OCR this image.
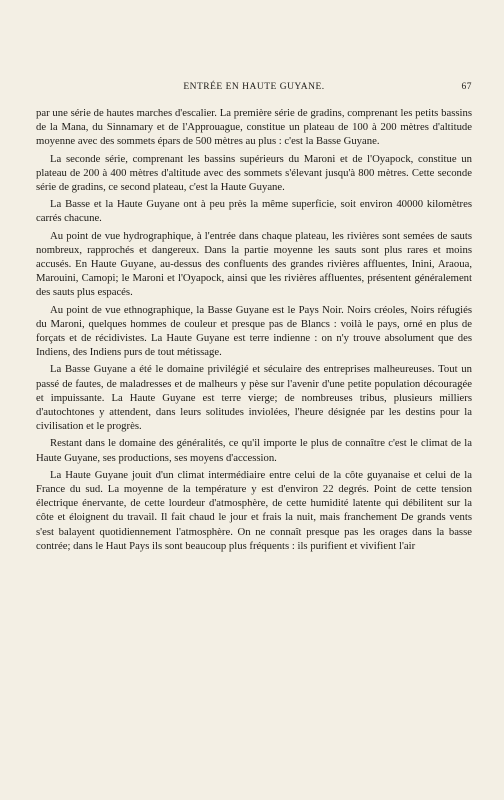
ENTRÉE EN HAUTE GUYANE.	67

par une série de hautes marches d'escalier. La première série de gradins, comprenant les petits bassins de la Mana, du Sinnamary et de l'Approuague, constitue un plateau de 100 à 200 mètres d'altitude moyenne avec des sommets épars de 500 mètres au plus : c'est la Basse Guyane.

La seconde série, comprenant les bassins supérieurs du Maroni et de l'Oyapock, constitue un plateau de 200 à 400 mètres d'altitude avec des sommets s'élevant jusqu'à 800 mètres. Cette seconde série de gradins, ce second plateau, c'est la Haute Guyane.

La Basse et la Haute Guyane ont à peu près la même superficie, soit environ 40000 kilomètres carrés chacune.

Au point de vue hydrographique, à l'entrée dans chaque plateau, les rivières sont semées de sauts nombreux, rapprochés et dangereux. Dans la partie moyenne les sauts sont plus rares et moins accusés. En Haute Guyane, au-dessus des confluents des grandes rivières affluentes, Inini, Araoua, Marouini, Camopi; le Maroni et l'Oyapock, ainsi que les rivières affluentes, présentent généralement des sauts plus espacés.

Au point de vue ethnographique, la Basse Guyane est le Pays Noir. Noirs créoles, Noirs réfugiés du Maroni, quelques hommes de couleur et presque pas de Blancs : voilà le pays, orné en plus de forçats et de récidivistes. La Haute Guyane est terre indienne : on n'y trouve absolument que des Indiens, des Indiens purs de tout métissage.

La Basse Guyane a été le domaine privilégié et séculaire des entreprises malheureuses. Tout un passé de fautes, de maladresses et de malheurs y pèse sur l'avenir d'une petite population découragée et impuissante. La Haute Guyane est terre vierge; de nombreuses tribus, plusieurs milliers d'autochtones y attendent, dans leurs solitudes inviolées, l'heure désignée par les destins pour la civilisation et le progrès.

Restant dans le domaine des généralités, ce qu'il importe le plus de connaître c'est le climat de la Haute Guyane, ses productions, ses moyens d'accession.

La Haute Guyane jouit d'un climat intermédiaire entre celui de la côte guyanaise et celui de la France du sud. La moyenne de la température y est d'environ 22 degrés. Point de cette tension électrique énervante, de cette lourdeur d'atmosphère, de cette humidité latente qui débilitent sur la côte et éloignent du travail. Il fait chaud le jour et frais la nuit, mais franchement De grands vents s'est balayent quotidiennement l'atmosphère. On ne connaît presque pas les orages dans la basse contrée; dans le Haut Pays ils sont beaucoup plus fréquents : ils purifient et vivifient l'air
